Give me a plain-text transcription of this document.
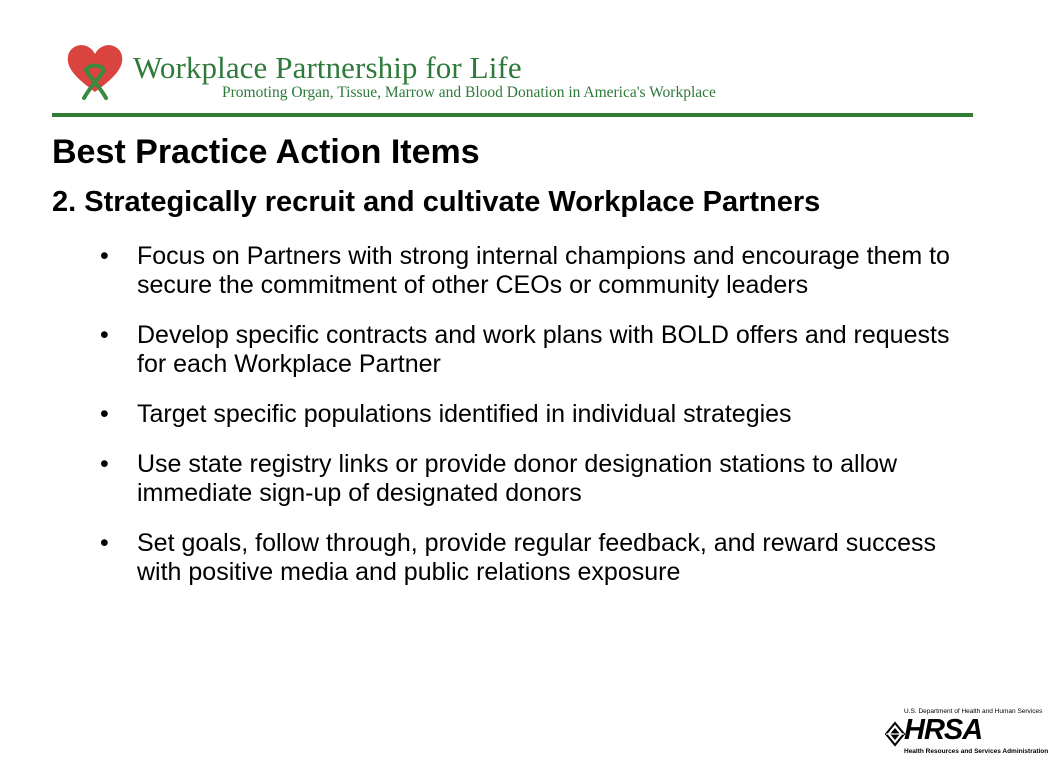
Workplace Partnership for Life
Promoting Organ, Tissue, Marrow and Blood Donation in America's Workplace
Best Practice Action Items
2. Strategically recruit and cultivate Workplace Partners
• Focus on Partners with strong internal champions and encourage them to secure the commitment of other CEOs or community leaders
• Develop specific contracts and work plans with BOLD offers and requests for each Workplace Partner
• Target specific populations identified in individual strategies
• Use state registry links or provide donor designation stations to allow immediate sign-up of designated donors
• Set goals, follow through, provide regular feedback, and reward success with positive media and public relations exposure
U.S. Department of Health and Human Services
HRSA
Health Resources and Services Administration
